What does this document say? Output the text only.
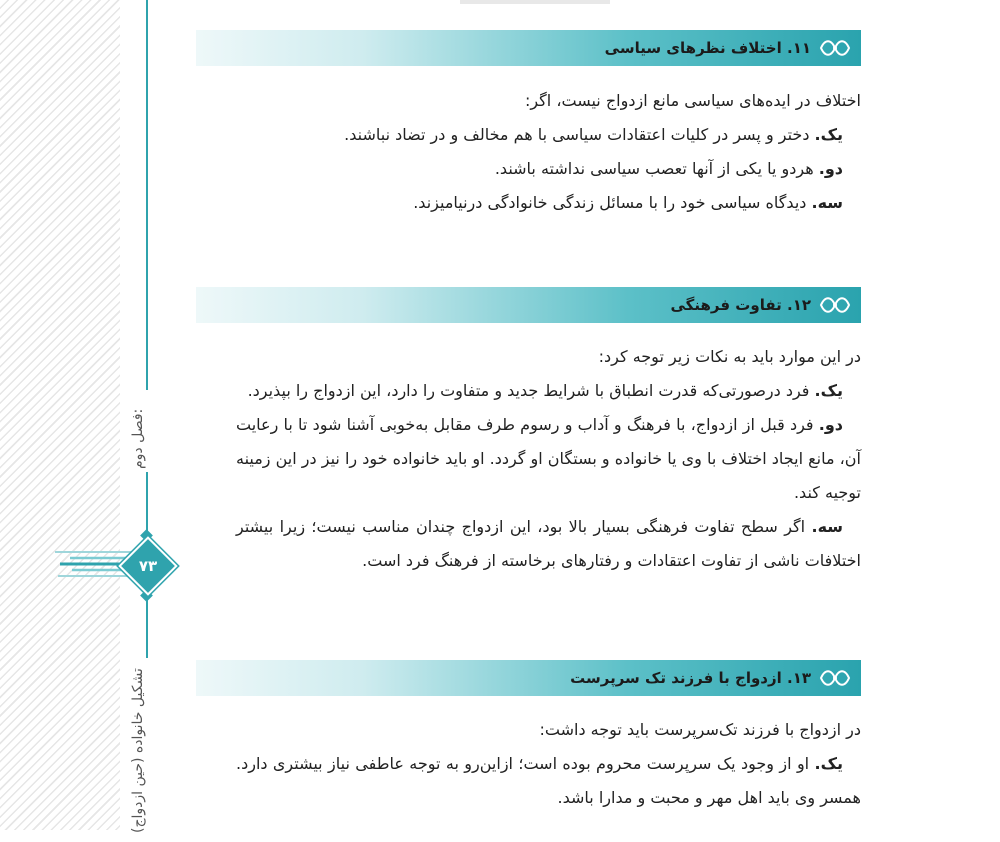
فصل دوم:
تشکیل خانواده (حین ازدواج)
۷۳
۱۱. اختلاف نظرهای سیاسی
اختلاف در ایده‌های سیاسی مانع ازدواج نیست، اگر:
یک. دختر و پسر در کلیات اعتقادات سیاسی با هم مخالف و در تضاد نباشند.
دو. هردو یا یکی از آنها تعصب سیاسی نداشته باشند.
سه. دیدگاه سیاسی خود را با مسائل زندگی خانوادگی درنیامیزند.
۱۲. تفاوت فرهنگی
در این موارد باید به نکات زیر توجه کرد:
یک. فرد درصورتی‌که قدرت انطباق با شرایط جدید و متفاوت را دارد، این ازدواج را بپذیرد.
دو. فرد قبل از ازدواج، با فرهنگ و آداب و رسوم طرف مقابل به‌خوبی آشنا شود تا با رعایت آن، مانع ایجاد اختلاف با وی یا خانواده و بستگان او گردد. او باید خانواده خود را نیز در این زمینه توجیه کند.
سه. اگر سطح تفاوت فرهنگی بسیار بالا بود، این ازدواج چندان مناسب نیست؛ زیرا بیشتر اختلافات ناشی از تفاوت اعتقادات و رفتارهای برخاسته از فرهنگ فرد است.
۱۳. ازدواج با فرزند تک سرپرست
در ازدواج با فرزند تک‌سرپرست باید توجه داشت:
یک. او از وجود یک سرپرست محروم بوده است؛ ازاین‌رو به توجه عاطفی نیاز بیشتری دارد. همسر وی باید اهل مهر و محبت و مدارا باشد.
